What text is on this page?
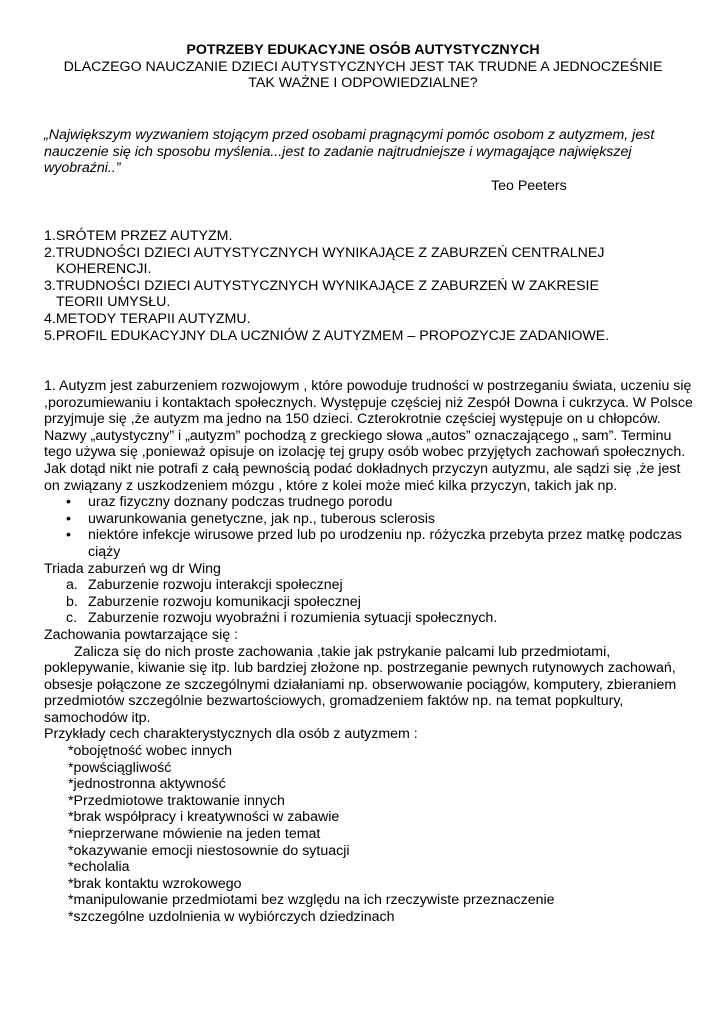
POTRZEBY EDUKACYJNE OSÓB AUTYSTYCZNYCH
DLACZEGO NAUCZANIE DZIECI AUTYSTYCZNYCH JEST TAK TRUDNE A JEDNOCZEŚNIE
TAK WAŻNE I ODPOWIEDZIALNE?
„Największym wyzwaniem stojącym przed osobami pragnącymi pomóc osobom z autyzmem, jest nauczenie się ich sposobu myślenia...jest to zadanie najtrudniejsze i wymagające największej wyobraźni..”
Teo Peeters
1.SRÓTEM PRZEZ AUTYZM.
2.TRUDNOŚCI DZIECI AUTYSTYCZNYCH WYNIKAJĄCE Z ZABURZEŃ CENTRALNEJ
KOHERENCJI.
3.TRUDNOŚCI DZIECI AUTYSTYCZNYCH WYNIKAJĄCE Z ZABURZEŃ W ZAKRESIE
TEORII UMYSŁU.
4.METODY TERAPII AUTYZMU.
5.PROFIL EDUKACYJNY DLA UCZNIÓW Z AUTYZMEM – PROPOZYCJE ZADANIOWE.

1. Autyzm jest zaburzeniem rozwojowym , które powoduje trudności w postrzeganiu świata, uczeniu się ,porozumiewaniu i kontaktach społecznych. Występuje częściej niż Zespół Downa i cukrzyca. W Polsce przyjmuje się ,że autyzm ma jedno na 150 dzieci. Czterokrotnie częściej występuje on u chłopców.

Nazwy „autystyczny” i „autyzm” pochodzą z greckiego słowa „autos” oznaczającego „ sam”. Terminu tego używa się ,ponieważ opisuje on izolację tej grupy osób wobec przyjętych zachowań społecznych.

Jak dotąd nikt nie potrafi z całą pewnością podać dokładnych przyczyn autyzmu, ale sądzi się ,że jest on związany z uszkodzeniem mózgu , które z kolei może mieć kilka przyczyn, takich jak np.

• uraz fizyczny doznany podczas trudnego porodu
• uwarunkowania genetyczne, jak np., tuberous sclerosis
• niektóre infekcje wirusowe przed lub po urodzeniu np. różyczka przebyta przez matkę podczas ciąży

Triada zaburzeń wg dr Wing

a. Zaburzenie rozwoju interakcji społecznej
b. Zaburzenie rozwoju komunikacji społecznej
c. Zaburzenie rozwoju wyobraźni i rozumienia sytuacji społecznych.

Zachowania powtarzające się :

Zalicza się do nich proste zachowania ,takie jak pstrykanie palcami lub przedmiotami, poklepywanie, kiwanie się itp. lub bardziej złożone np. postrzeganie pewnych rutynowych zachowań, obsesje połączone ze szczególnymi działaniami np. obserwowanie pociągów, komputery, zbieraniem przedmiotów szczególnie bezwartościowych, gromadzeniem faktów np. na temat popkultury, samochodów itp.

Przykłady cech charakterystycznych dla osób z autyzmem :

*obojętność wobec innych
*powściągliwość
*jednostronna aktywność
*Przedmiotowe traktowanie innych
*brak współpracy i kreatywności w zabawie
*nieprzerwane mówienie na jeden temat
*okazywanie emocji niestosownie do sytuacji
*echolalia
*brak kontaktu wzrokowego
*manipulowanie przedmiotami bez względu na ich rzeczywiste przeznaczenie
*szczególne uzdolnienia w wybiórczych dziedzinach
